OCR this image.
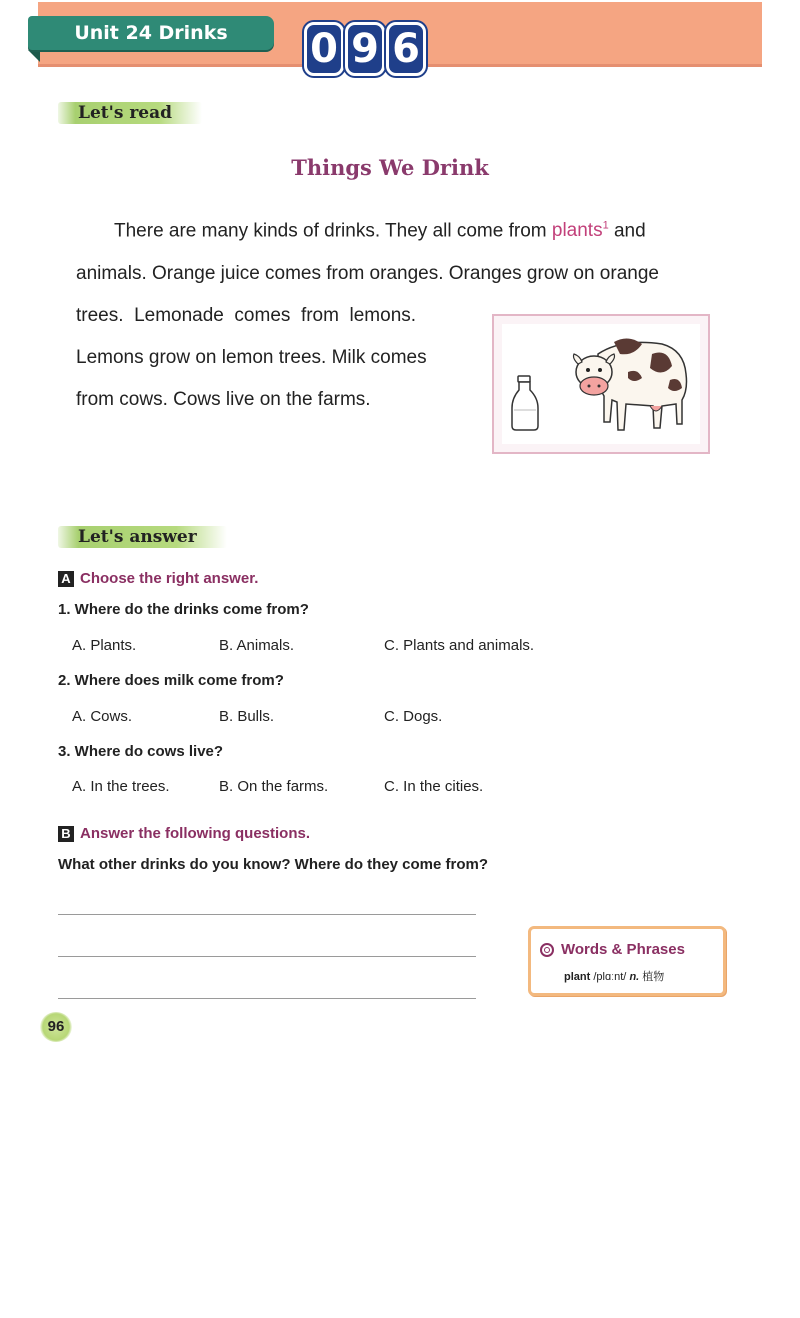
Unit 24 Drinks	0 9 6
Let's read
Things We Drink
There are many kinds of drinks. They all come from plants$^1$ and
animals. Orange juice comes from oranges. Oranges grow on orange
trees.  Lemonade  comes  from  lemons.
Lemons grow on lemon trees. Milk comes
from cows. Cows live on the farms.
Let's answer
A Choose the right answer.
1. Where do the drinks come from?
A. Plants.	B. Animals.	C. Plants and animals.
2. Where does milk come from?
A. Cows.	B. Bulls.	C. Dogs.
3. Where do cows live?
A. In the trees.	B. On the farms.	C. In the cities.
B Answer the following questions.
What other drinks do you know? Where do they come from?
Words & Phrases
plant /plɑːnt/ n. 植物
96
